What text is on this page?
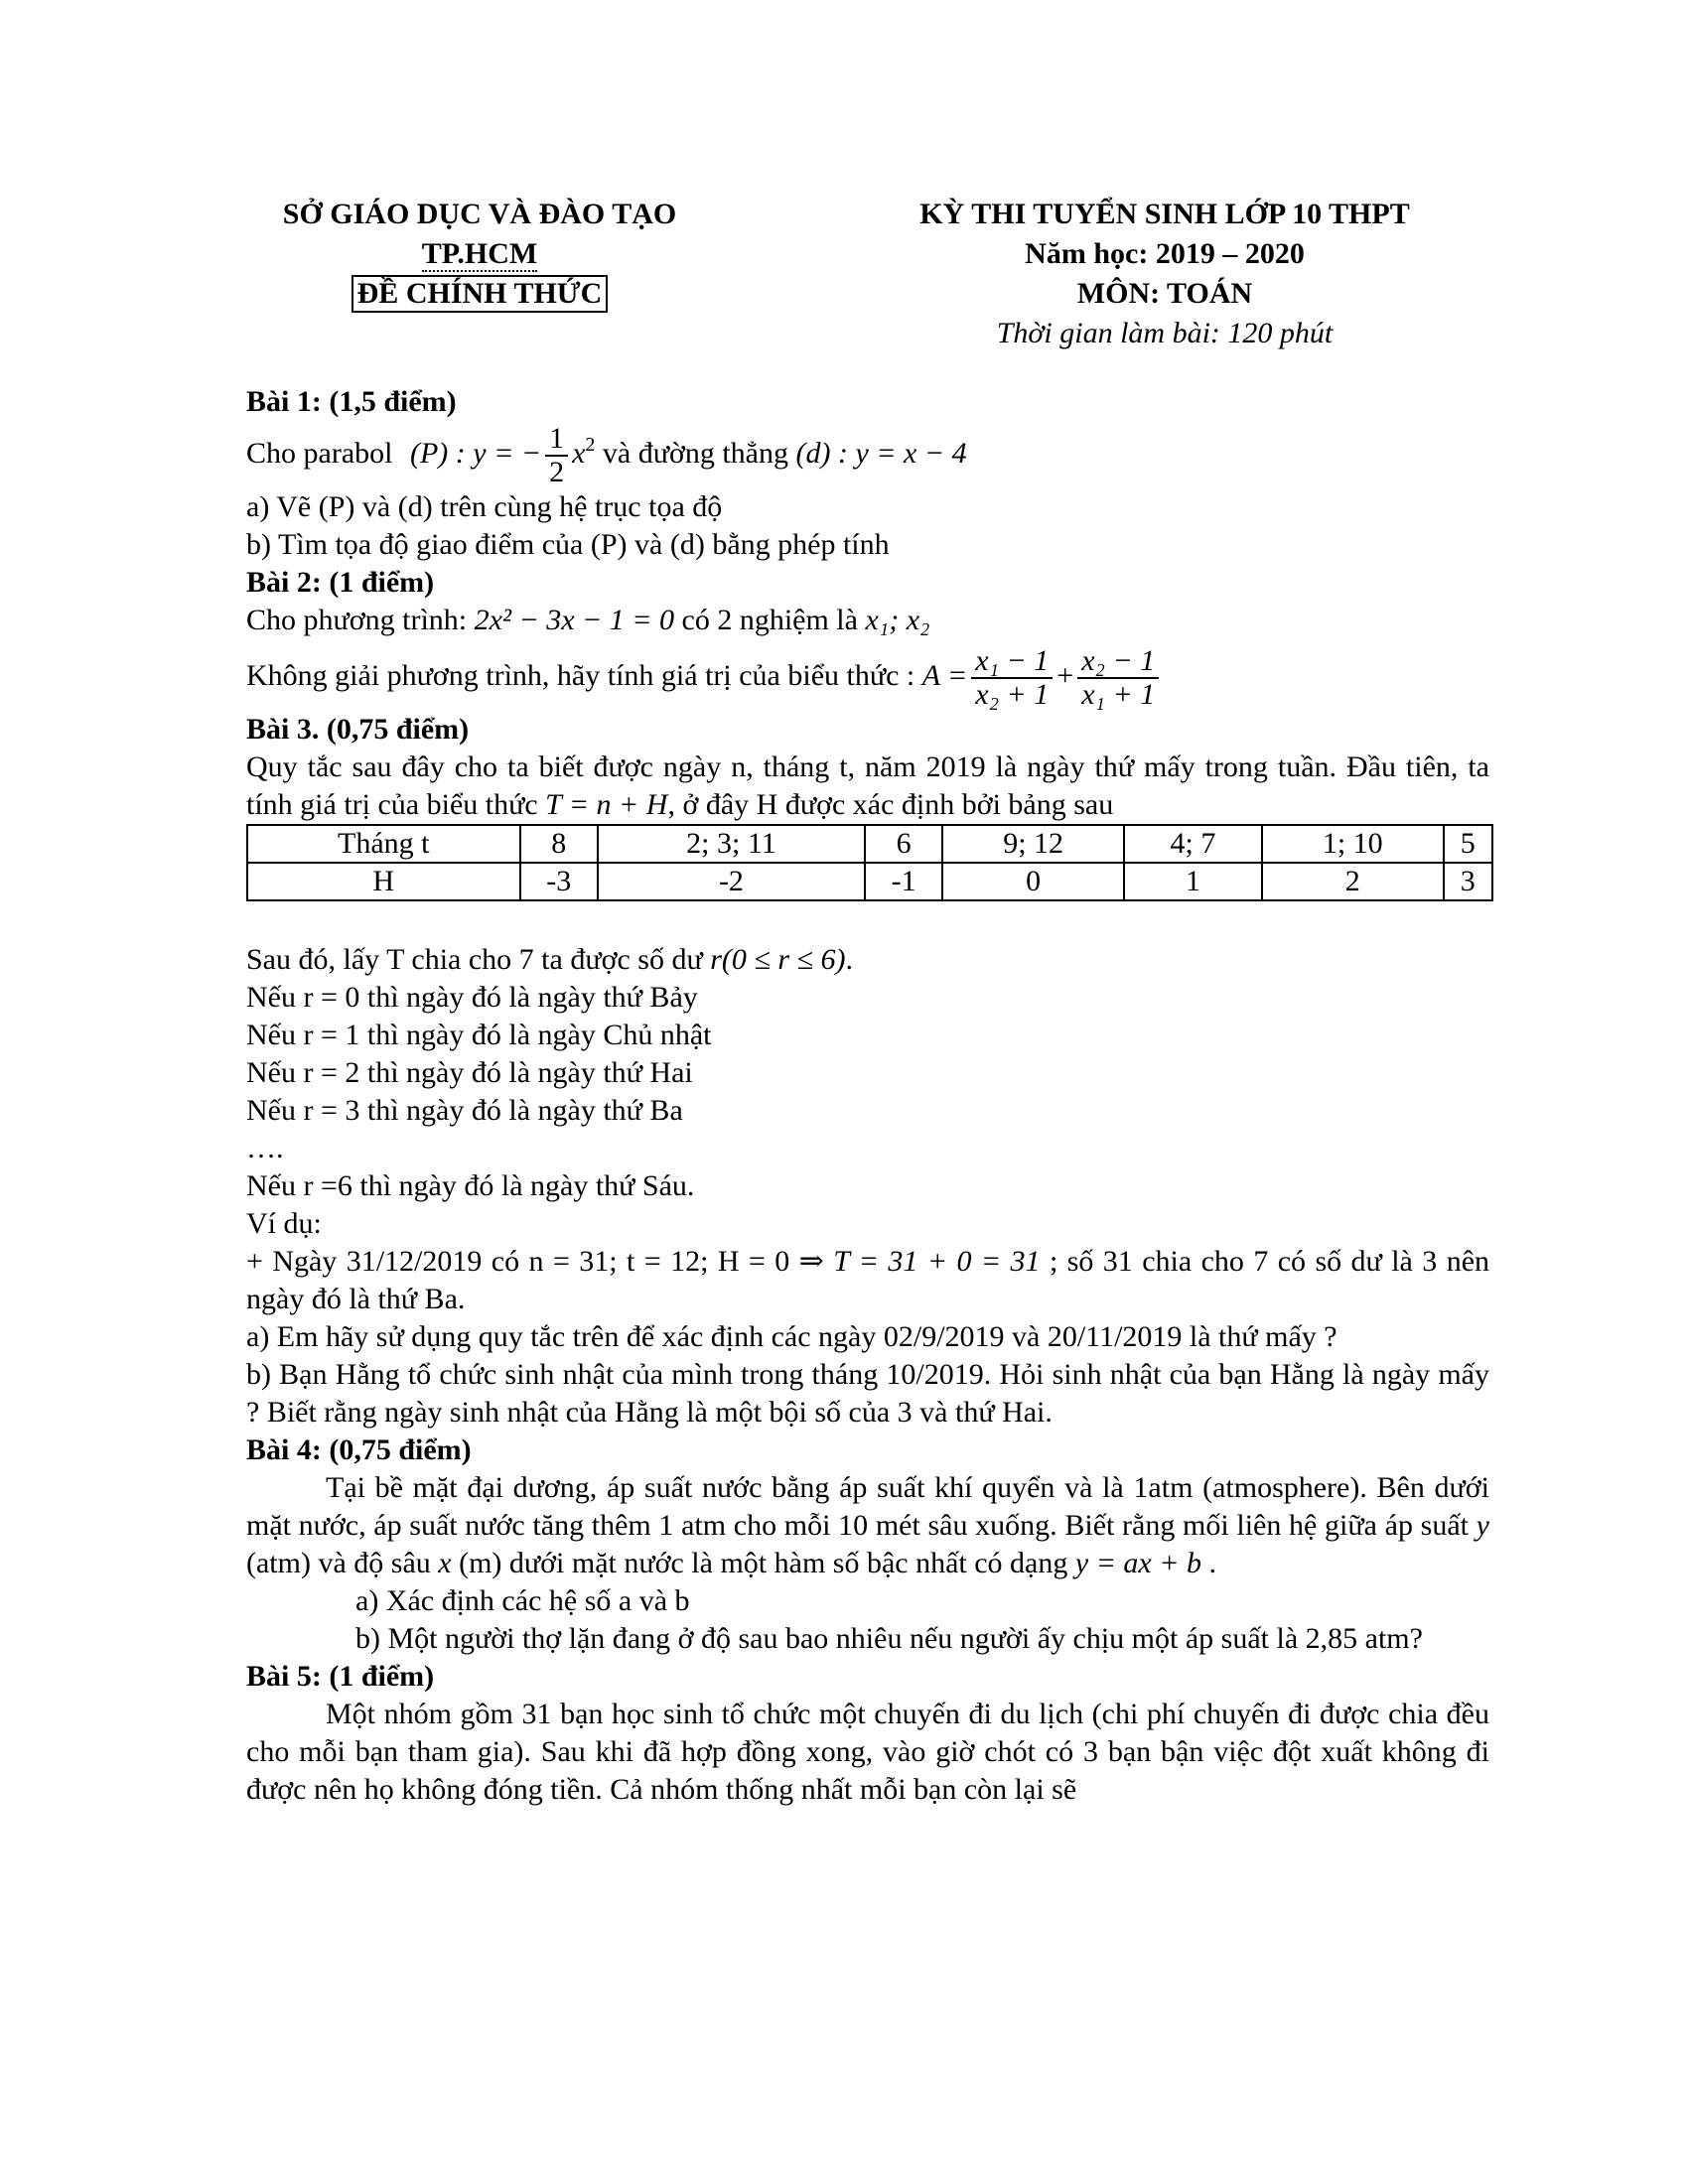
SỞ GIÁO DỤC VÀ ĐÀO TẠO
TP.HCM
ĐỀ CHÍNH THỨC
KỲ THI TUYỂN SINH LỚP 10 THPT
Năm học: 2019 – 2020
MÔN: TOÁN
Thời gian làm bài: 120 phút
Bài 1: (1,5 điểm)
Cho parabol (P) : y = − $\frac{1}{2} x^2$ và đường thẳng (d) : y = x − 4
a) Vẽ (P) và (d) trên cùng hệ trục tọa độ
b) Tìm tọa độ giao điểm của (P) và (d) bằng phép tính
Bài 2: (1 điểm)
Cho phương trình: 2x² − 3x − 1 = 0 có 2 nghiệm là x₁; x₂
Không giải phương trình, hãy tính giá trị của biểu thức : $A = \frac{\text{x₁ − 1}}{\text{x₂ + 1}} + \frac{\text{x₂ − 1}}{\text{x₁ + 1}}$
Bài 3. (0,75 điểm)
Quy tắc sau đây cho ta biết được ngày n, tháng t, năm 2019 là ngày thứ mấy trong tuần. Đầu tiên, ta tính giá trị của biểu thức T = n + H, ở đây H được xác định bởi bảng sau
Tháng t	8	2; 3; 11	6	9; 12	4; 7	1; 10	5
H	-3	-2	-1	0	1	2	3
Sau đó, lấy T chia cho 7 ta được số dư r(0 ≤ r ≤ 6).
Nếu r = 0 thì ngày đó là ngày thứ Bảy
Nếu r = 1 thì ngày đó là ngày Chủ nhật
Nếu r = 2 thì ngày đó là ngày thứ Hai
Nếu r = 3 thì ngày đó là ngày thứ Ba
….
Nếu r =6 thì ngày đó là ngày thứ Sáu.
Ví dụ:
+ Ngày 31/12/2019 có n = 31; t = 12; H = 0 ⇒ T = 31 + 0 = 31 ; số 31 chia cho 7 có số dư là 3 nên ngày đó là thứ Ba.
a) Em hãy sử dụng quy tắc trên để xác định các ngày 02/9/2019 và 20/11/2019 là thứ mấy ?
b) Bạn Hằng tổ chức sinh nhật của mình trong tháng 10/2019. Hỏi sinh nhật của bạn Hằng là ngày mấy ? Biết rằng ngày sinh nhật của Hằng là một bội số của 3 và thứ Hai.
Bài 4: (0,75 điểm)
Tại bề mặt đại dương, áp suất nước bằng áp suất khí quyển và là 1atm (atmosphere). Bên dưới mặt nước, áp suất nước tăng thêm 1 atm cho mỗi 10 mét sâu xuống. Biết rằng mối liên hệ giữa áp suất y (atm) và độ sâu x (m) dưới mặt nước là một hàm số bậc nhất có dạng y = ax + b .
a) Xác định các hệ số a và b
b) Một người thợ lặn đang ở độ sau bao nhiêu nếu người ấy chịu một áp suất là 2,85 atm?
Bài 5: (1 điểm)
Một nhóm gồm 31 bạn học sinh tổ chức một chuyến đi du lịch (chi phí chuyến đi được chia đều cho mỗi bạn tham gia). Sau khi đã hợp đồng xong, vào giờ chót có 3 bạn bận việc đột xuất không đi được nên họ không đóng tiền. Cả nhóm thống nhất mỗi bạn còn lại sẽ
